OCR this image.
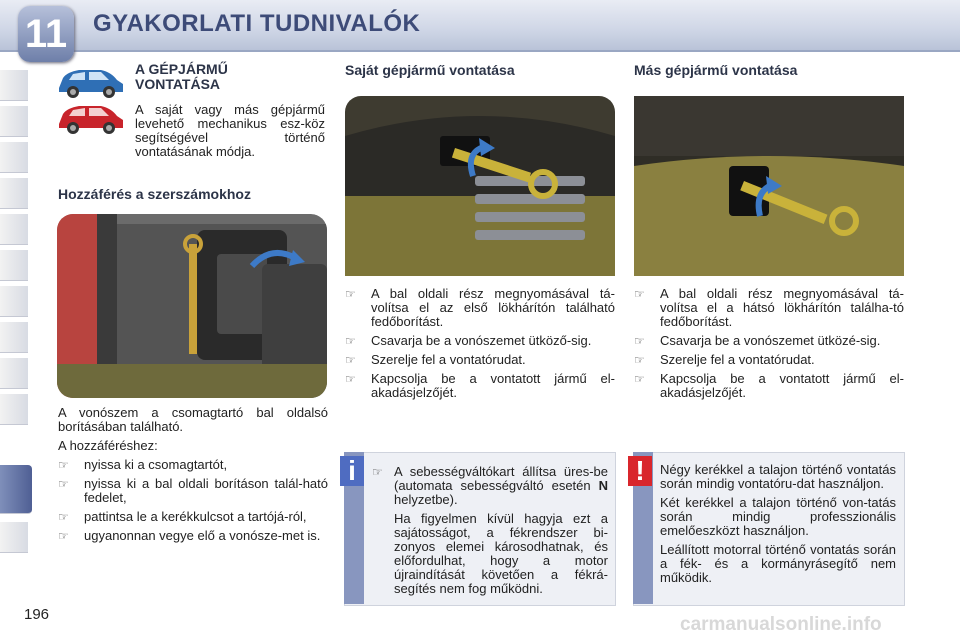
11 GYAKORLATI TUDNIVALÓK
A GÉPJÁRMŰ
VONTATÁSA
A saját vagy más gépjármű levehető mechanikus esz-köz segítségével történő vontatásának módja.
Hozzáférés a szerszámokhoz
A vonószem a csomagtartó bal oldalsó borításában található.
A hozzáféréshez:
☞ nyissa ki a csomagtartót,
☞ nyissa ki a bal oldali borításon talál-ható fedelet,
☞ pattintsa le a kerékkulcsot a tartójá-ról,
☞ ugyanonnan vegye elő a vonósze-met is.
Saját gépjármű vontatása
☞ A bal oldali rész megnyomásával tá-volítsa el az első lökhárítón található fedőborítást.
☞ Csavarja be a vonószemet ütköző-sig.
☞ Szerelje fel a vontatórudat.
☞ Kapcsolja be a vontatott jármű el-akadásjelzőjét.
Más gépjármű vontatása
☞ A bal oldali rész megnyomásával tá-volítsa el a hátsó lökhárítón találha-tó fedőborítást.
☞ Csavarja be a vonószemet ütközé-sig.
☞ Szerelje fel a vontatórudat.
☞ Kapcsolja be a vontatott jármű el-akadásjelzőjét.
i	☞ A sebességváltókart állítsa üres-be (automata sebességváltó esetén N helyzetbe).
Ha figyelmen kívül hagyja ezt a sajátosságot, a fékrendszer bi-zonyos elemei károsodhatnak, és előfordulhat, hogy a motor újraindítását követően a fékrá-segítés nem fog működni.
!	Négy kerékkel a talajon történő vontatás során mindig vontatóru-dat használjon.
Két kerékkel a talajon történő von-tatás során mindig professzionális emelőeszközt használjon.
Leállított motorral történő vontatás során a fék- és a kormányrásegítő nem működik.
196	carmanualsonline.info
